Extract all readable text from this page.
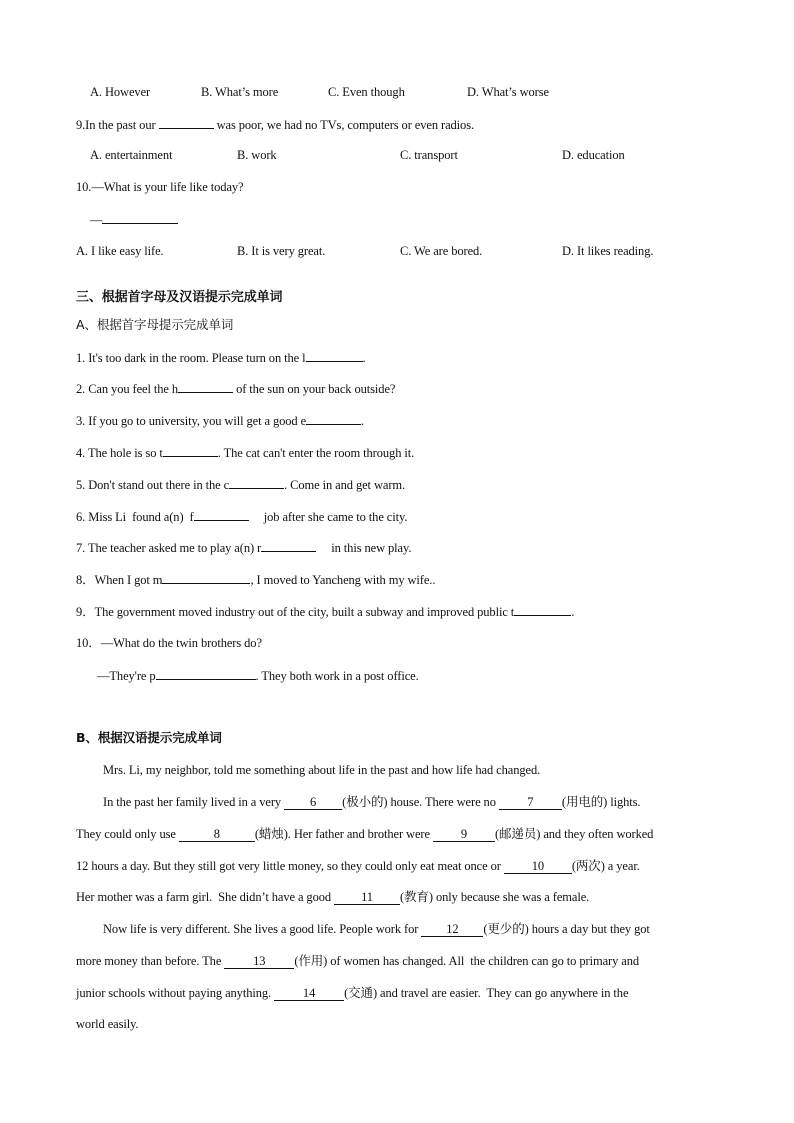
A. However	B. What’s more	C. Even though	D. What’s worse
9.In the past our	was poor, we had no TVs, computers or even radios.
A. entertainment	B. work	C. transport	D. education
10.—What is your life like today?
—
A. I like easy life.	B. It is very great.	C. We are bored.	D. It likes reading.
三、根据首字母及汉语提示完成单词
A、根据首字母提示完成单词
1. It's too dark in the room. Please turn on the l	.
2. Can you feel the h	of the sun on your back outside?
3. If you go to university, you will get a good e	.
4. The hole is so t	. The cat can't enter the room through it.
5. Don't stand out there in the c	. Come in and get warm.
6. Miss Li  found a(n)  f	job after she came to the city.
7. The teacher asked me to play a(n) r	in this new play.
8．When I got m	, I moved to Yancheng with my wife..
9．The government moved industry out of the city, built a subway and improved public t	.
10．—What do the twin brothers do?
—They're p	. They both work in a post office.
B、根据汉语提示完成单词
Mrs. Li, my neighbor, told me something about life in the past and how life had changed.
In the past her family lived in a very 6 (极小的) house. There were no 7 (用电的) lights.
They could only use	8	(蜡烛). Her father and brother were 9 (邮递员) and they often worked
12 hours a day. But they still got very little money, so they could only eat meat once or 10 (两次) a year.
Her mother was a farm girl.  She didn’t have a good 11 (教育) only because she was a female.
Now life is very different. She lives a good life. People work for 12 (更少的) hours a day but they got
more money than before. The 13 (作用) of women has changed. All  the children can go to primary and
junior schools without paying anything. 14 (交通) and travel are easier.  They can go anywhere in the
world easily.
